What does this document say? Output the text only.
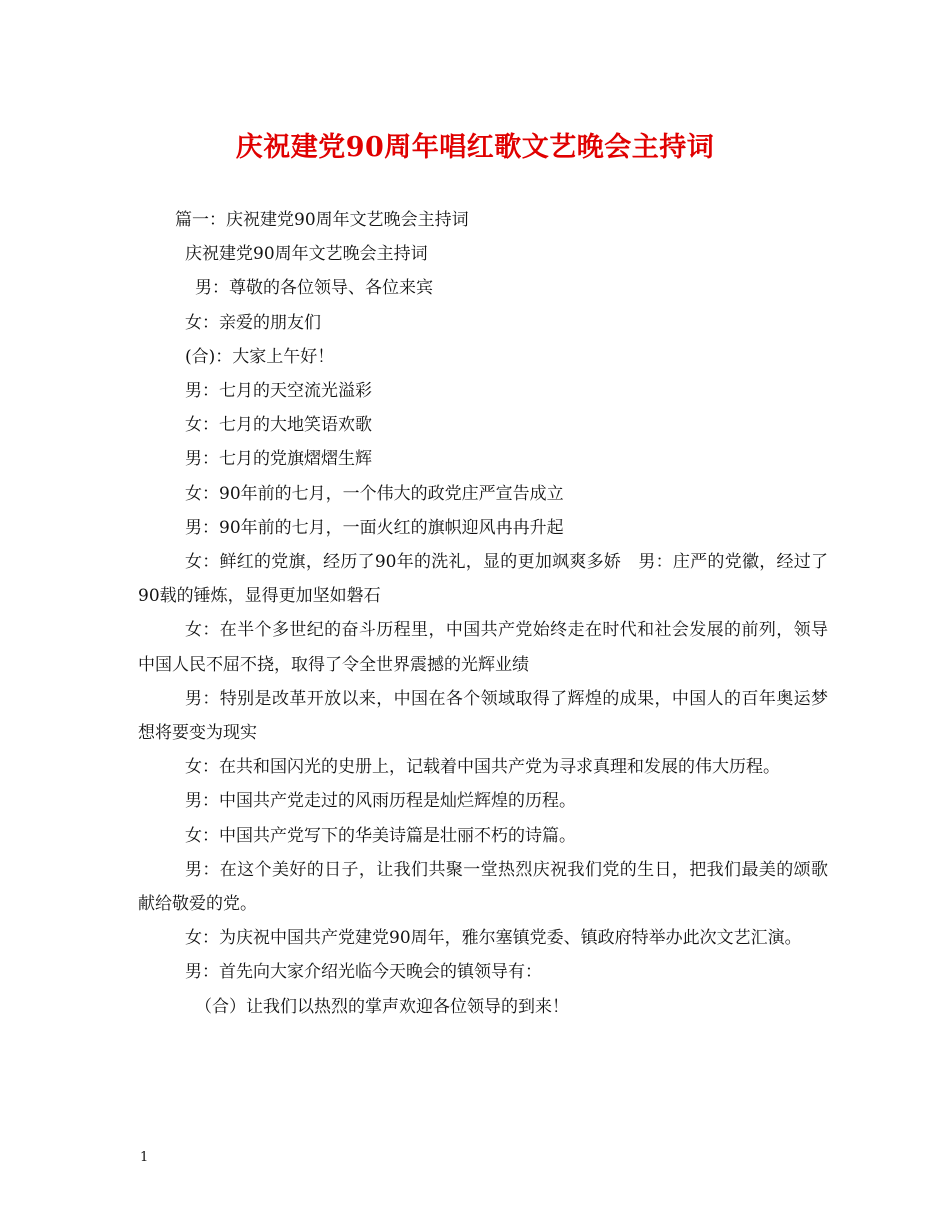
庆祝建党90周年唱红歌文艺晚会主持词

篇一：庆祝建党90周年文艺晚会主持词

庆祝建党90周年文艺晚会主持词

男：尊敬的各位领导、各位来宾

女：亲爱的朋友们

(合)：大家上午好！

男：七月的天空流光溢彩

女：七月的大地笑语欢歌

男：七月的党旗熠熠生辉

女：90年前的七月，一个伟大的政党庄严宣告成立

男：90年前的七月，一面火红的旗帜迎风冉冉升起

女：鲜红的党旗，经历了90年的洗礼，显的更加飒爽多娇　男：庄严的党徽，经过了90载的锤炼，显得更加坚如磐石

女：在半个多世纪的奋斗历程里，中国共产党始终走在时代和社会发展的前列，领导中国人民不屈不挠，取得了令全世界震撼的光辉业绩

男：特别是改革开放以来，中国在各个领域取得了辉煌的成果，中国人的百年奥运梦想将要变为现实

女：在共和国闪光的史册上，记载着中国共产党为寻求真理和发展的伟大历程。

男：中国共产党走过的风雨历程是灿烂辉煌的历程。

女：中国共产党写下的华美诗篇是壮丽不朽的诗篇。

男：在这个美好的日子，让我们共聚一堂热烈庆祝我们党的生日，把我们最美的颂歌献给敬爱的党。

女：为庆祝中国共产党建党90周年，雅尔塞镇党委、镇政府特举办此次文艺汇演。

男：首先向大家介绍光临今天晚会的镇领导有：

（合）让我们以热烈的掌声欢迎各位领导的到来！

1
